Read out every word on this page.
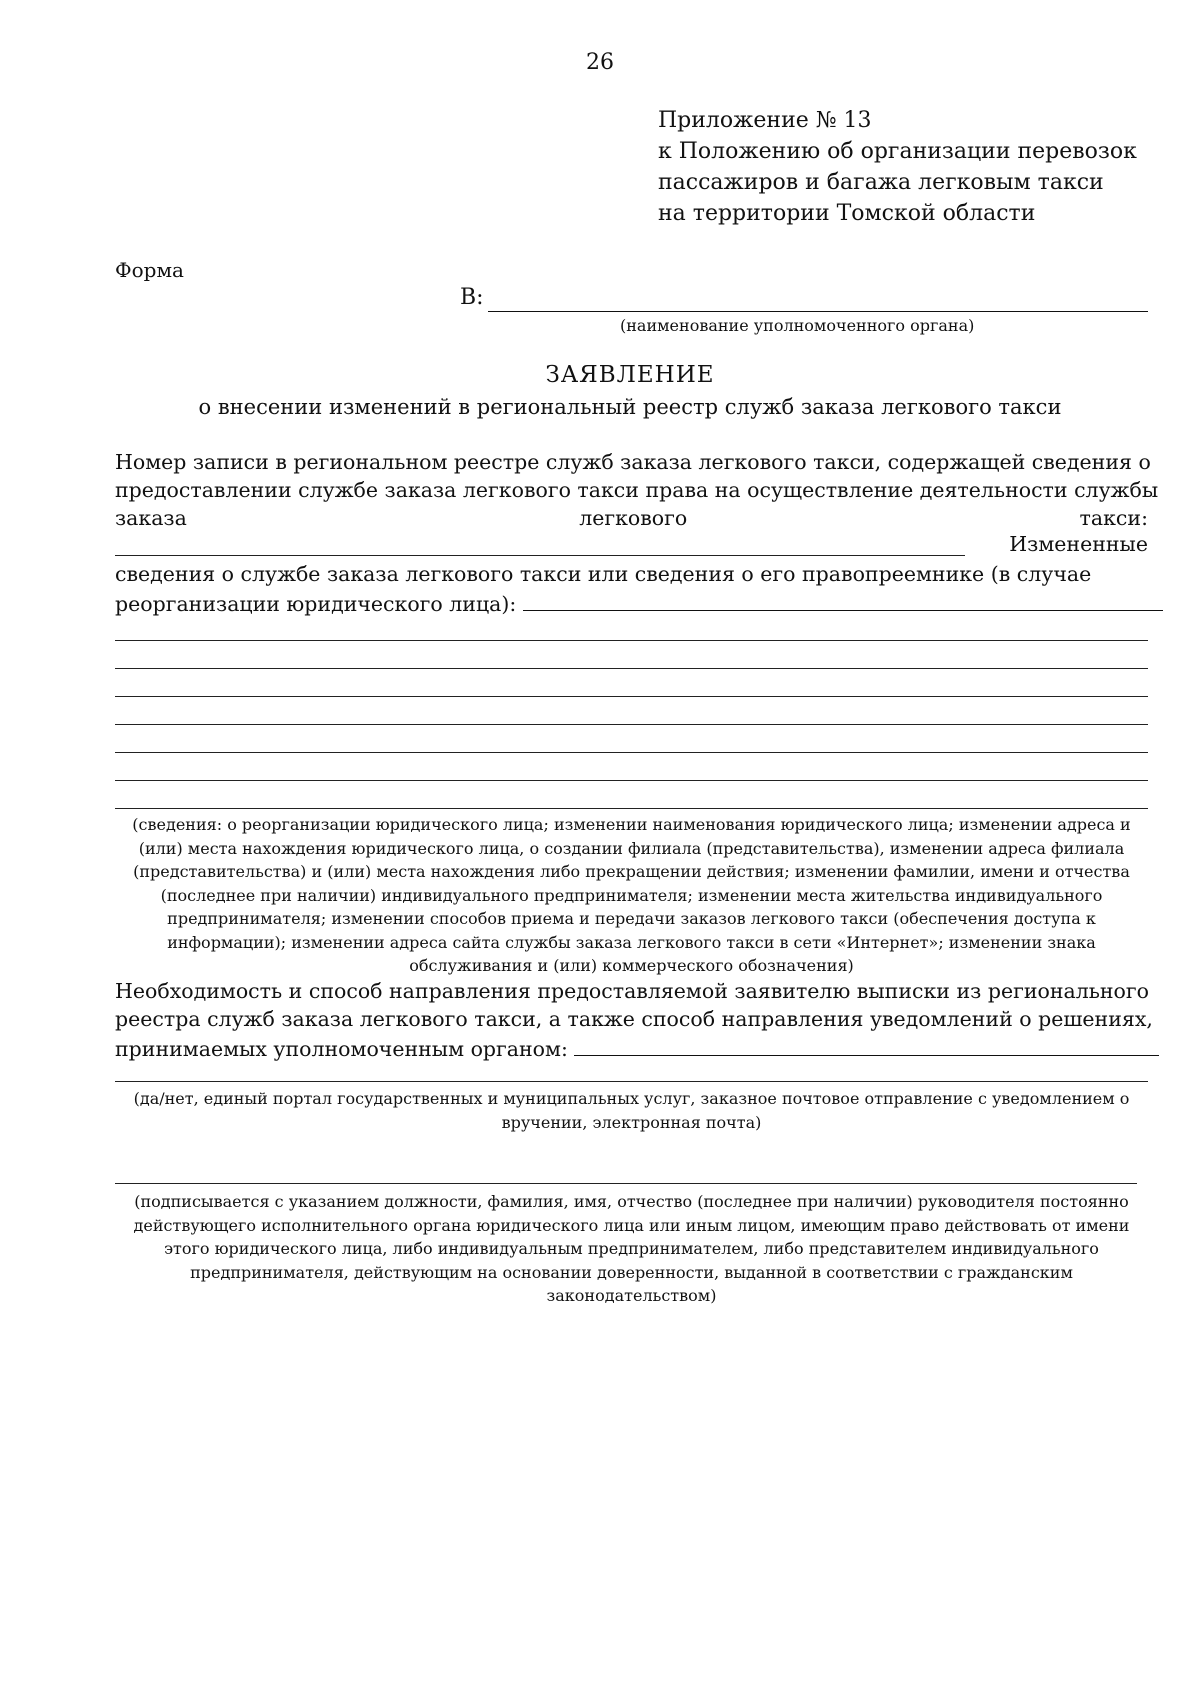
26
Приложение № 13
к Положению об организации перевозок
пассажиров и багажа легковым такси
на территории Томской области
Форма
В:
(наименование уполномоченного органа)
ЗАЯВЛЕНИЕ
о внесении изменений в региональный реестр служб заказа легкового такси
Номер записи в региональном реестре служб заказа легкового такси, содержащей сведения о
предоставлении службе заказа легкового такси права на осуществление деятельности службы
заказа	легкового	такси:
Измененные
сведения о службе заказа легкового такси или сведения о его правопреемнике (в случае
реорганизации юридического лица):
(сведения: о реорганизации юридического лица; изменении наименования юридического лица; изменении адреса и (или) места нахождения юридического лица, о создании филиала (представительства), изменении адреса филиала (представительства) и (или) места нахождения либо прекращении действия; изменении фамилии, имени и отчества (последнее при наличии) индивидуального предпринимателя; изменении места жительства индивидуального предпринимателя; изменении способов приема и передачи заказов легкового такси (обеспечения доступа к информации); изменении адреса сайта службы заказа легкового такси в сети «Интернет»; изменении знака обслуживания и (или) коммерческого обозначения)
Необходимость и способ направления предоставляемой заявителю выписки из регионального
реестра служб заказа легкового такси, а также способ направления уведомлений о решениях,
принимаемых уполномоченным органом:
(да/нет, единый портал государственных и муниципальных услуг, заказное почтовое отправление с уведомлением о вручении, электронная почта)
(подписывается с указанием должности, фамилия, имя, отчество (последнее при наличии) руководителя постоянно действующего исполнительного органа юридического лица или иным лицом, имеющим право действовать от имени этого юридического лица, либо индивидуальным предпринимателем, либо представителем индивидуального предпринимателя, действующим на основании доверенности, выданной в соответствии с гражданским законодательством)
